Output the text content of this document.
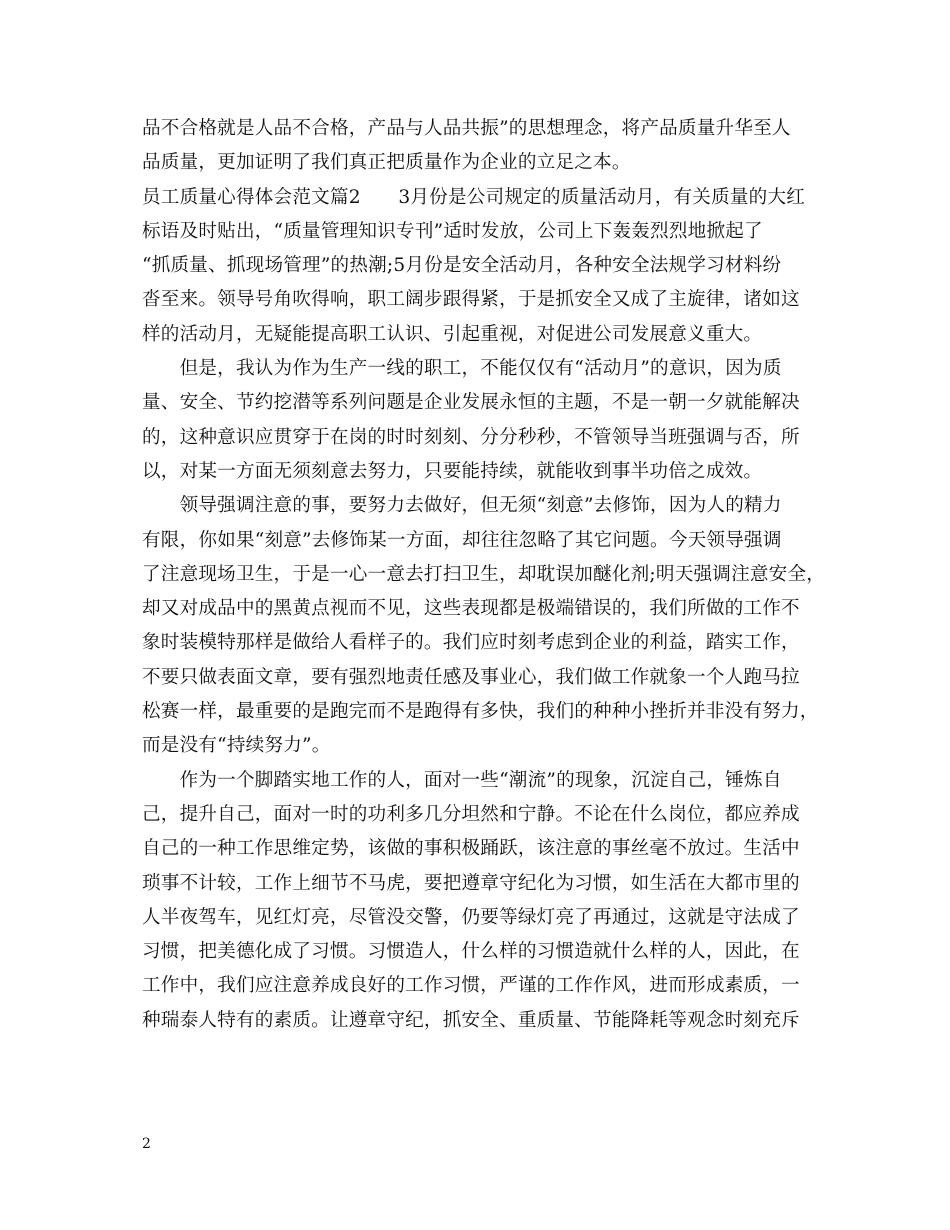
品不合格就是人品不合格，产品与人品共振”的思想理念，将产品质量升华至人
品质量，更加证明了我们真正把质量作为企业的立足之本。
员工质量心得体会范文篇2　　3月份是公司规定的质量活动月，有关质量的大红
标语及时贴出，“质量管理知识专刊”适时发放，公司上下轰轰烈烈地掀起了
“抓质量、抓现场管理”的热潮;5月份是安全活动月，各种安全法规学习材料纷
沓至来。领导号角吹得响，职工阔步跟得紧，于是抓安全又成了主旋律，诸如这
样的活动月，无疑能提高职工认识、引起重视，对促进公司发展意义重大。
　　但是，我认为作为生产一线的职工，不能仅仅有“活动月”的意识，因为质
量、安全、节约挖潜等系列问题是企业发展永恒的主题，不是一朝一夕就能解决
的，这种意识应贯穿于在岗的时时刻刻、分分秒秒，不管领导当班强调与否，所
以，对某一方面无须刻意去努力，只要能持续，就能收到事半功倍之成效。
　　领导强调注意的事，要努力去做好，但无须“刻意”去修饰，因为人的精力
有限，你如果“刻意”去修饰某一方面，却往往忽略了其它问题。今天领导强调
了注意现场卫生，于是一心一意去打扫卫生，却耽误加醚化剂;明天强调注意安全，
却又对成品中的黑黄点视而不见，这些表现都是极端错误的，我们所做的工作不
象时装模特那样是做给人看样子的。我们应时刻考虑到企业的利益，踏实工作，
不要只做表面文章，要有强烈地责任感及事业心，我们做工作就象一个人跑马拉
松赛一样，最重要的是跑完而不是跑得有多快，我们的种种小挫折并非没有努力，
而是没有“持续努力”。
　　作为一个脚踏实地工作的人，面对一些“潮流”的现象，沉淀自己，锤炼自
己，提升自己，面对一时的功利多几分坦然和宁静。不论在什么岗位，都应养成
自己的一种工作思维定势，该做的事积极踊跃，该注意的事丝毫不放过。生活中
琐事不计较，工作上细节不马虎，要把遵章守纪化为习惯，如生活在大都市里的
人半夜驾车，见红灯亮，尽管没交警，仍要等绿灯亮了再通过，这就是守法成了
习惯，把美德化成了习惯。习惯造人，什么样的习惯造就什么样的人，因此，在
工作中，我们应注意养成良好的工作习惯，严谨的工作作风，进而形成素质，一
种瑞泰人特有的素质。让遵章守纪，抓安全、重质量、节能降耗等观念时刻充斥
2
